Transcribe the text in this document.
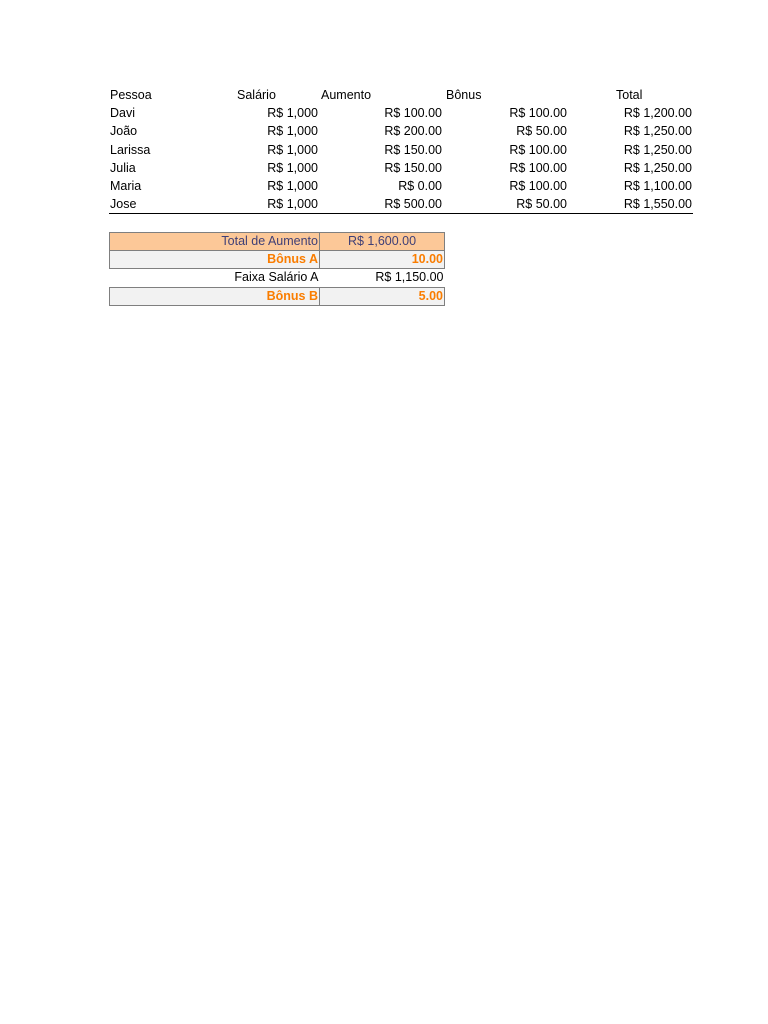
Pessoa	Salário	Aumento	Bônus	Total
Davi	R$ 1,000	R$ 100.00	R$ 100.00	R$ 1,200.00
João	R$ 1,000	R$ 200.00	R$ 50.00	R$ 1,250.00
Larissa	R$ 1,000	R$ 150.00	R$ 100.00	R$ 1,250.00
Julia	R$ 1,000	R$ 150.00	R$ 100.00	R$ 1,250.00
Maria	R$ 1,000	R$ 0.00	R$ 100.00	R$ 1,100.00
Jose	R$ 1,000	R$ 500.00	R$ 50.00	R$ 1,550.00
Total de Aumento	R$ 1,600.00
Bônus A	10.00
Faixa Salário A	R$ 1,150.00
Bônus B	5.00
